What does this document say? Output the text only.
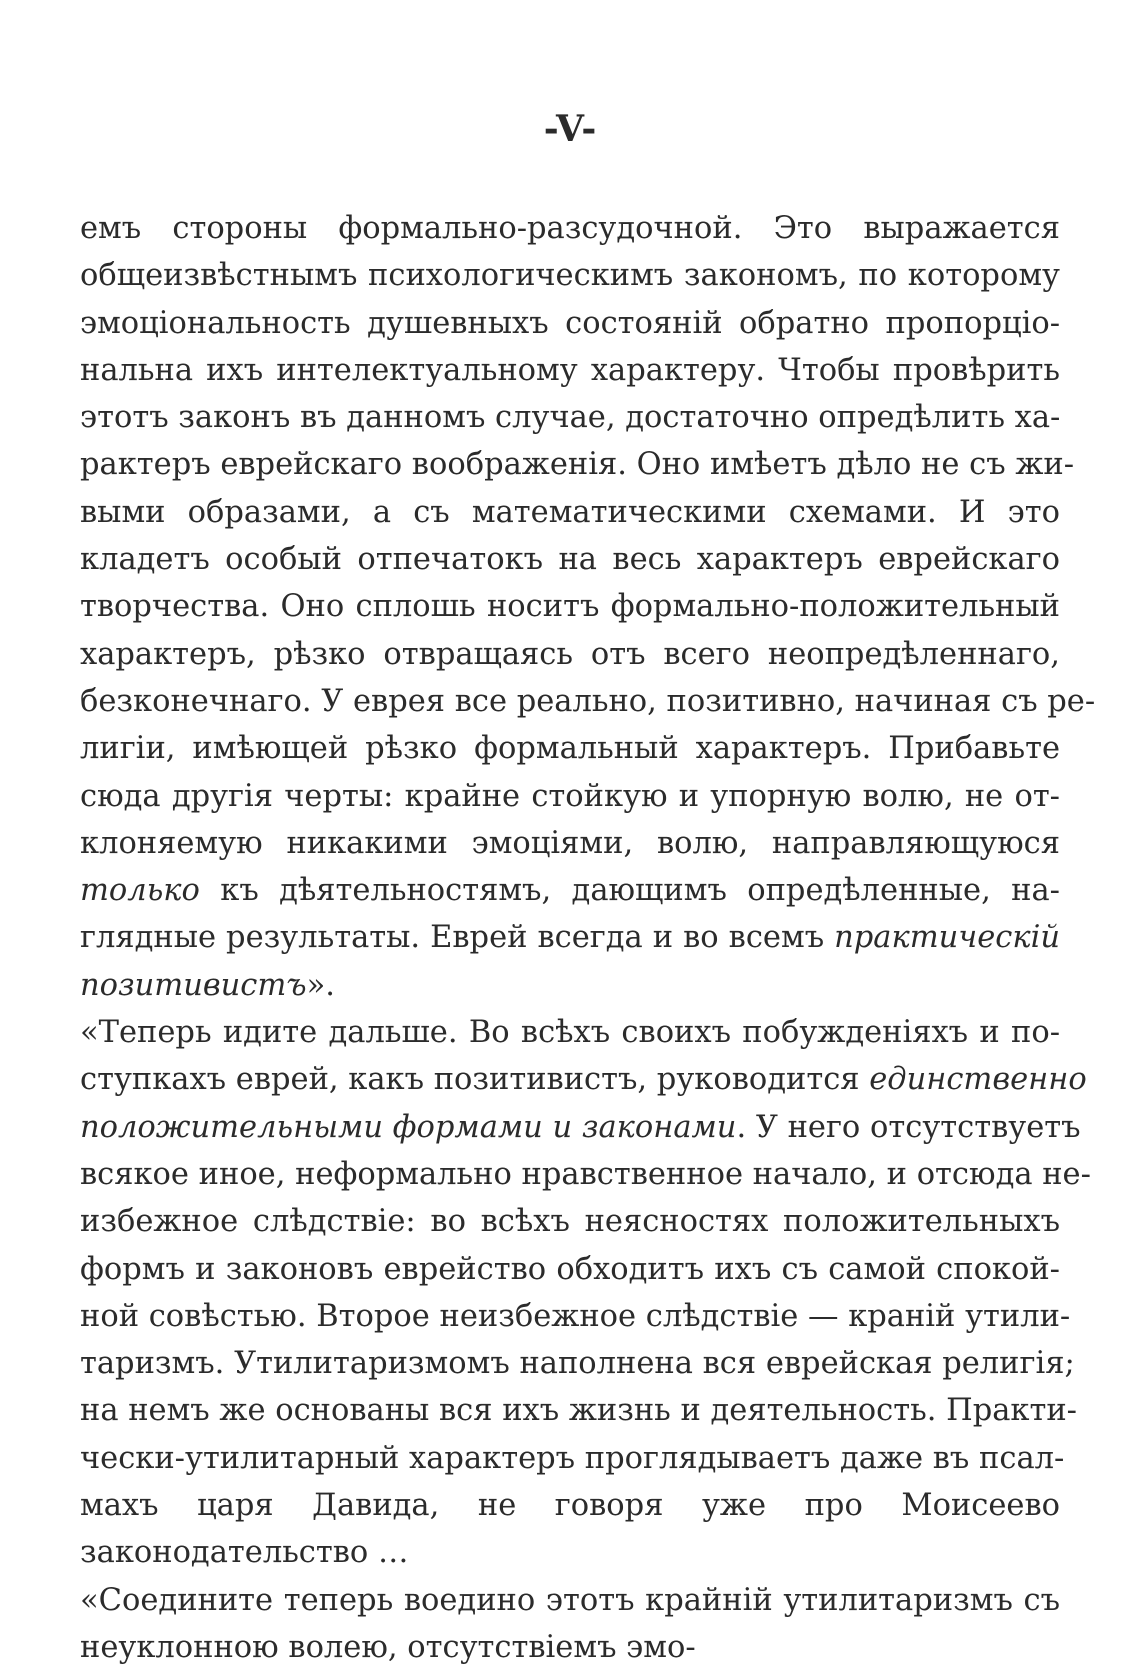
-V-
емъ стороны формально-разсудочной. Это выражается
общеизвѣстнымъ психологическимъ закономъ, по которому
эмоціональность душевныхъ состояній обратно пропорціо-
нальна ихъ интелектуальному характеру. Чтобы провѣрить
этотъ законъ въ данномъ случае, достаточно опредѣлить ха-
рактеръ еврейскаго воображенія. Оно имѣетъ дѣло не съ жи-
выми образами, а съ математическими схемами. И это
кладетъ особый отпечатокъ на весь характеръ еврейскаго
творчества. Оно сплошь носитъ формально-положительный
характеръ, рѣзко отвращаясь отъ всего неопредѣленнаго,
безконечнаго. У еврея все реально, позитивно, начиная съ ре-
лигіи, имѣющей рѣзко формальный характеръ. Прибавьте
сюда другія черты: крайне стойкую и упорную волю, не от-
клоняемую никакими эмоціями, волю, направляющуюся
только къ дѣятельностямъ, дающимъ опредѣленные, на-
глядные результаты. Еврей всегда и во всемъ практическій
позитивистъ».
«Теперь идите дальше. Во всѣхъ своихъ побужденіяхъ и по-
ступкахъ еврей, какъ позитивистъ, руководится единственно
положительными формами и законами. У него отсутствуетъ
всякое иное, неформально нравственное начало, и отсюда не-
избежное слѣдствіе: во всѣхъ неясностях положительныхъ
формъ и законовъ еврейство обходитъ ихъ съ самой спокой-
ной совѣстью. Второе неизбежное слѣдствіе — краній утили-
таризмъ. Утилитаризмомъ наполнена вся еврейская религія;
на немъ же основаны вся ихъ жизнь и деятельность. Практи-
чески-утилитарный характеръ проглядываетъ даже въ псал-
махъ царя Давида, не говоря уже про Моисеево
законодательство …
«Соедините теперь воедино этотъ крайній утилитаризмъ съ
неуклонною волею, отсутствіемъ эмо-
